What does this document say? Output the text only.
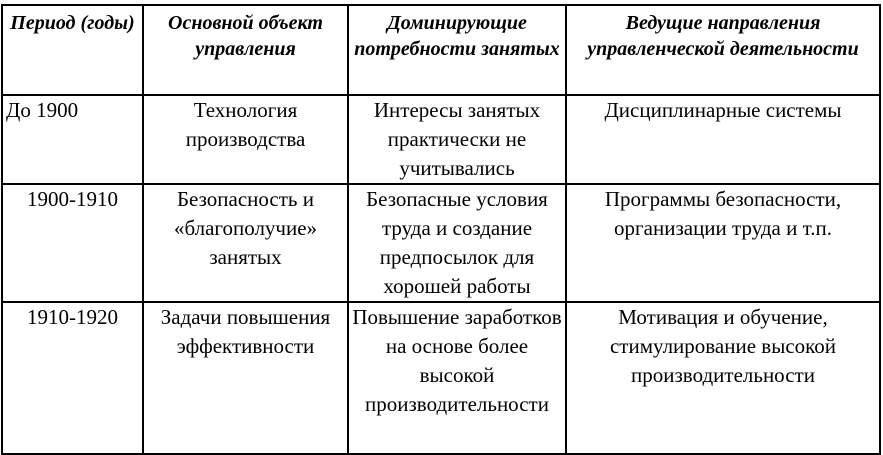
Период (годы)	Основной объект управления	Доминирующие потребности занятых	Ведущие направления управленческой деятельности
До 1900	Технология производства	Интересы занятых практически не учитывались	Дисциплинарные системы
1900-1910	Безопасность и «благополучие» занятых	Безопасные условия труда и создание предпосылок для хорошей работы	Программы безопасности, организации труда и т.п.
1910-1920	Задачи повышения эффективности	Повышение заработков на основе более высокой производительности	Мотивация и обучение, стимулирование высокой производительности
